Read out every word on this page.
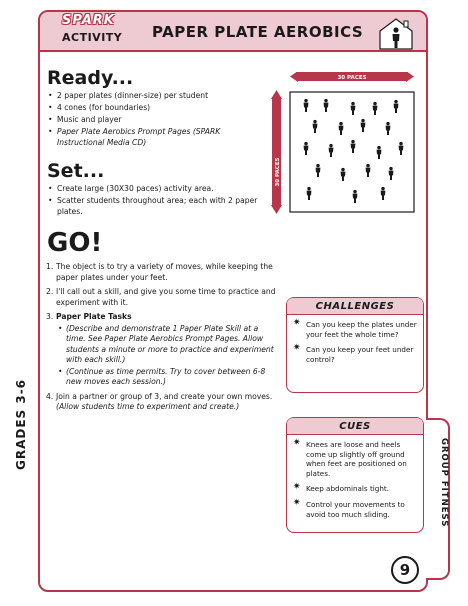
SPARK
ACTIVITY PAPER PLATE AEROBICS
Ready...
• 2 paper plates (dinner-size) per student
• 4 cones (for boundaries)
• Music and player
• Paper Plate Aerobics Prompt Pages (SPARK Instructional Media CD)
Set...
• Create large (30X30 paces) activity area.
• Scatter students throughout area; each with 2 paper plates.
GO!
1. The object is to try a variety of moves, while keeping the paper plates under your feet.
2. I'll call out a skill, and give you some time to practice and experiment with it.
3. Paper Plate Tasks
• (Describe and demonstrate 1 Paper Plate Skill at a time. See Paper Plate Aerobics Prompt Pages. Allow students a minute or more to practice and experiment with each skill.)
• (Continue as time permits. Try to cover between 6-8 new moves each session.)
4. Join a partner or group of 3, and create your own moves. (Allow students time to experiment and create.)
30 PACES
30 PACES
CHALLENGES
✷ Can you keep the plates under your feet the whole time?
✷ Can you keep your feet under control?
CUES
✷ Knees are loose and heels come up slightly off ground when feet are positioned on plates.
✷ Keep abdominals tight.
✷ Control your movements to avoid too much sliding.
GRADES 3-6
GROUP FITNESS
9
